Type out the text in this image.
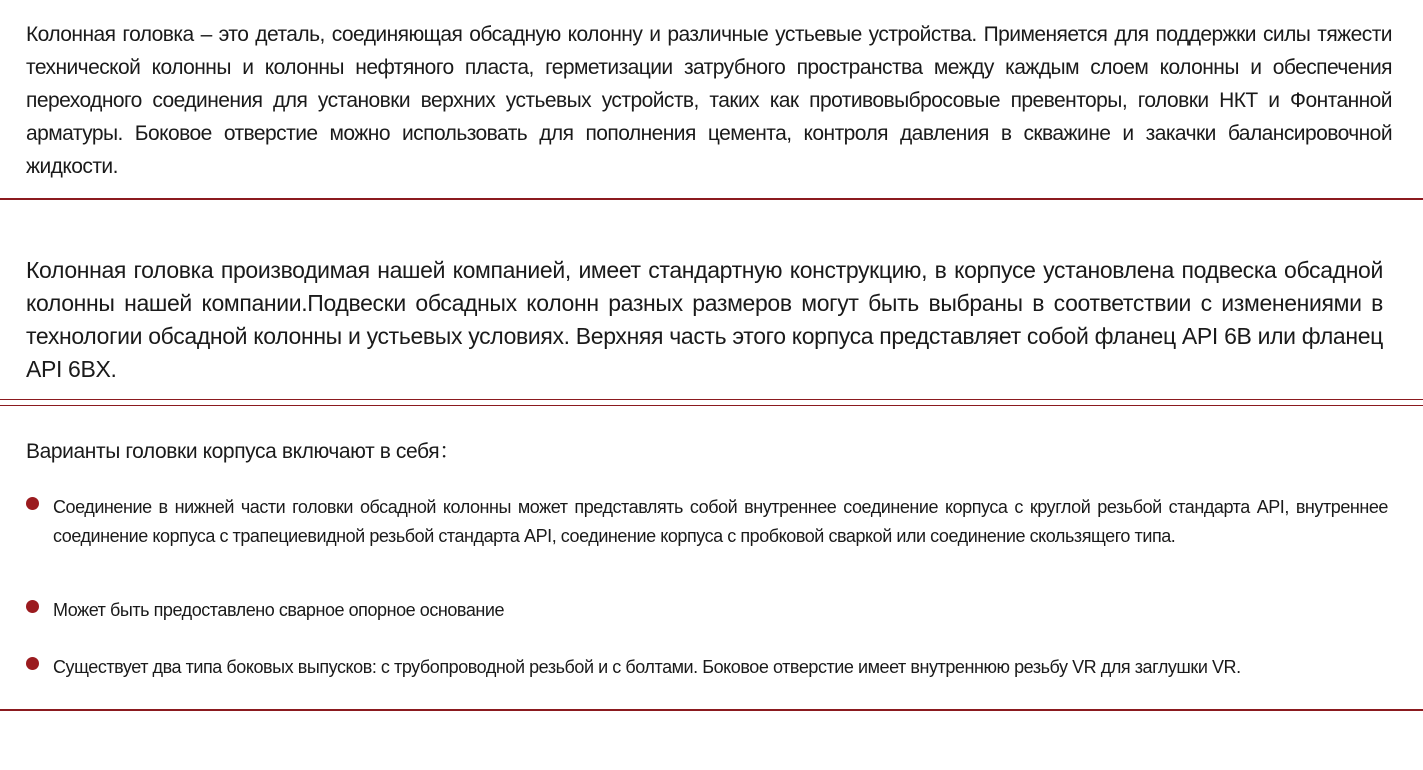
Колонная головка – это деталь, соединяющая обсадную колонну и различные устьевые устройства. Применяется для поддержки силы тяжести технической колонны и колонны нефтяного пласта, герметизации затрубного пространства между каждым слоем колонны и обеспечения переходного соединения для установки верхних устьевых устройств, таких как противовыбросовые превенторы, головки НКТ и Фонтанной арматуры. Боковое отверстие можно использовать для пополнения цемента, контроля давления в скважине и закачки балансировочной жидкости.

Колонная головка производимая нашей компанией, имеет стандартную конструкцию, в корпусе установлена подвеска обсадной колонны нашей компании.Подвески обсадных колонн разных размеров могут быть выбраны в соответствии с изменениями в технологии обсадной колонны и устьевых условиях. Верхняя часть этого корпуса представляет собой фланец API 6B или фланец API 6BX.

Варианты головки корпуса включают в себя：

Соединение в нижней части головки обсадной колонны может представлять собой внутреннее соединение корпуса с круглой резьбой стандарта API, внутреннее соединение корпуса с трапециевидной резьбой стандарта API, соединение корпуса с пробковой сваркой или соединение скользящего типа.

Может быть предоставлено сварное опорное основание

Существует два типа боковых выпусков: с трубопроводной резьбой и с болтами. Боковое отверстие имеет внутреннюю резьбу VR для заглушки VR.
